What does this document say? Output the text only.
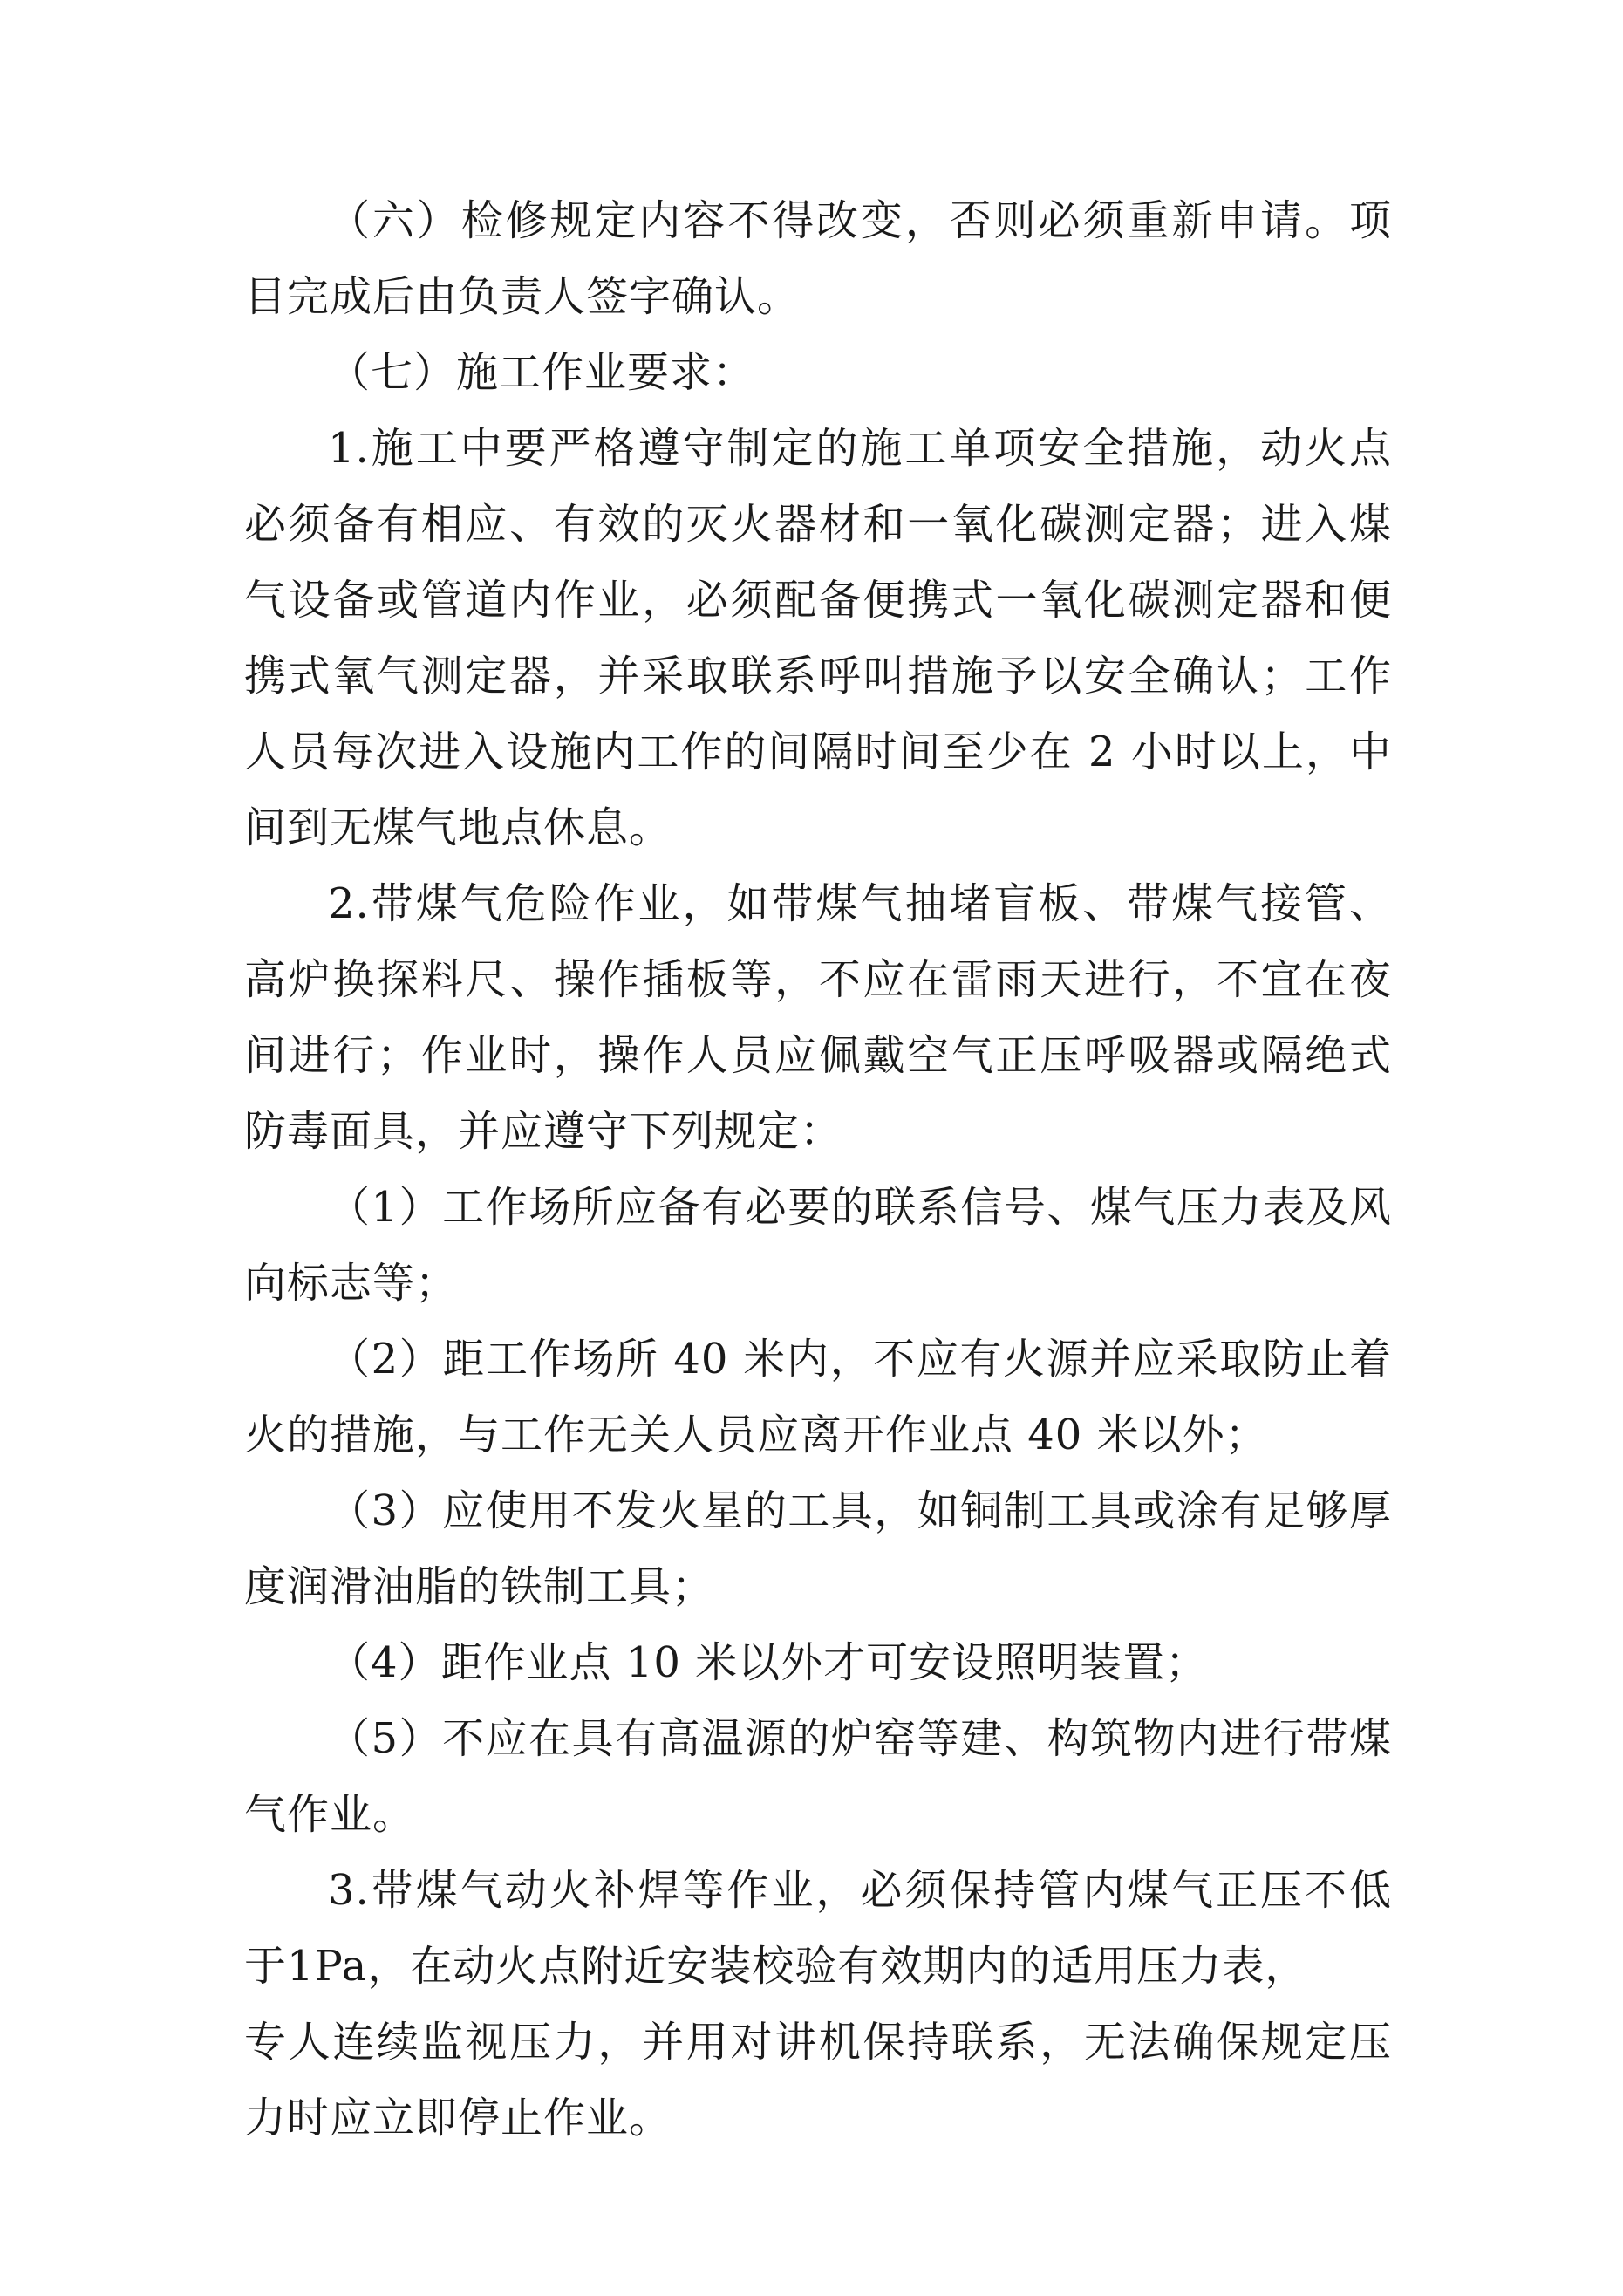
（六）检修规定内容不得改变，否则必须重新申请。项目完成后由负责人签字确认。

（七）施工作业要求：

1.施工中要严格遵守制定的施工单项安全措施，动火点必须备有相应、有效的灭火器材和一氧化碳测定器；进入煤气设备或管道内作业，必须配备便携式一氧化碳测定器和便携式氧气测定器，并采取联系呼叫措施予以安全确认；工作人员每次进入设施内工作的间隔时间至少在 2 小时以上，中间到无煤气地点休息。

2.带煤气危险作业，如带煤气抽堵盲板、带煤气接管、高炉换探料尺、操作插板等，不应在雷雨天进行，不宜在夜间进行；作业时，操作人员应佩戴空气正压呼吸器或隔绝式防毒面具，并应遵守下列规定：

（1）工作场所应备有必要的联系信号、煤气压力表及风向标志等；

（2）距工作场所 40 米内，不应有火源并应采取防止着火的措施，与工作无关人员应离开作业点 40 米以外；

（3）应使用不发火星的工具，如铜制工具或涂有足够厚度润滑油脂的铁制工具；

（4）距作业点 10 米以外才可安设照明装置；

（5）不应在具有高温源的炉窑等建、构筑物内进行带煤气作业。

3.带煤气动火补焊等作业，必须保持管内煤气正压不低于1Pa，在动火点附近安装校验有效期内的适用压力表，

专人连续监视压力，并用对讲机保持联系，无法确保规定压力时应立即停止作业。
